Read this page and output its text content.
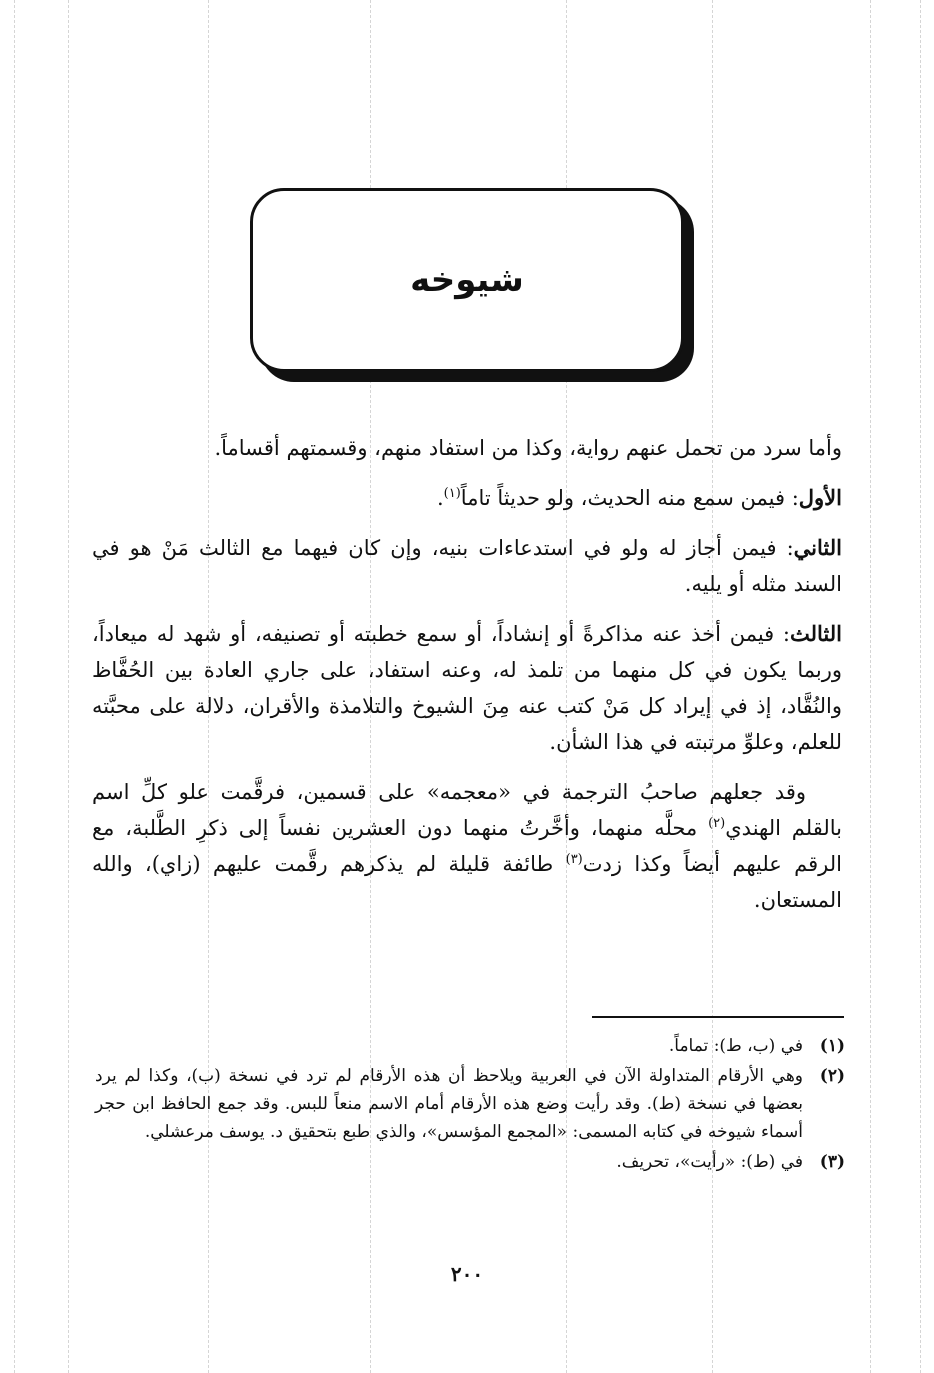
شيوخه

وأما سرد من تحمل عنهم رواية، وكذا من استفاد منهم، وقسمتهم أقساماً.

الأول: فيمن سمع منه الحديث، ولو حديثاً تاماً$^{(١)}$.

الثاني: فيمن أجاز له ولو في استدعاءات بنيه، وإن كان فيهما مع الثالث مَنْ هو في السند مثله أو يليه.

الثالث: فيمن أخذ عنه مذاكرةً أو إنشاداً، أو سمع خطبته أو تصنيفه، أو شهد له ميعاداً، وربما يكون في كل منهما من تلمذ له، وعنه استفاد، على جاري العادة بين الحُفَّاظ والنُقَّاد، إذ في إيراد كل مَنْ كتب عنه مِنَ الشيوخ والتلامذة والأقران، دلالة على محبَّته للعلم، وعلوِّ مرتبته في هذا الشأن.

وقد جعلهم صاحبُ الترجمة في «معجمه» على قسمين، فرقَّمت علو كلِّ اسم بالقلم الهندي$^{(٢)}$ محلَّه منهما، وأخَّرتُ منهما دون العشرين نفساً إلى ذكرِ الطَّلبة، مع الرقم عليهم أيضاً وكذا زدت$^{(٣)}$ طائفة قليلة لم يذكرهم رقَّمت عليهم (زاي)، والله المستعان.

(١)
في (ب، ط): تماماً.
(٢)
وهي الأرقام المتداولة الآن في العربية ويلاحظ أن هذه الأرقام لم ترد في نسخة (ب)، وكذا لم يرد بعضها في نسخة (ط). وقد رأيت وضع هذه الأرقام أمام الاسم منعاً للبس. وقد جمع الحافظ ابن حجر أسماء شيوخه في كتابه المسمى: «المجمع المؤسس»، والذي طبع بتحقيق د. يوسف مرعشلي.
(٣)
في (ط): «رأيت»، تحريف.
٢٠٠
